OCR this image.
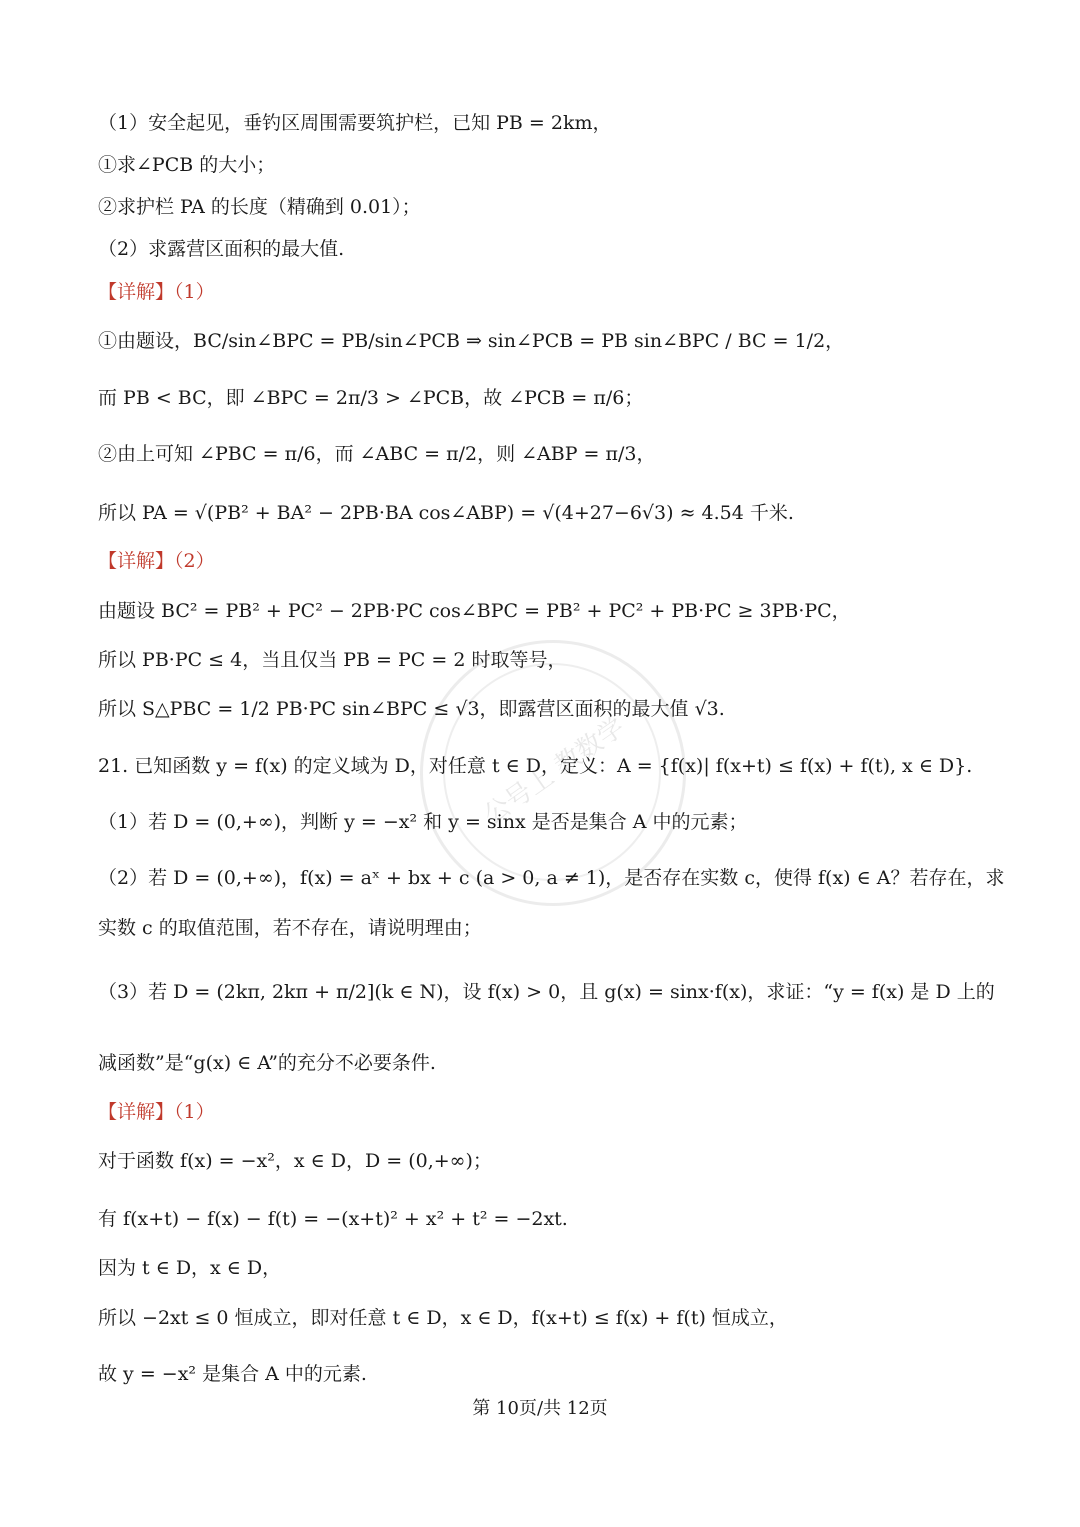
公号上 教数学
（1）安全起见，垂钓区周围需要筑护栏，已知 PB = 2km，
①求∠PCB 的大小；
②求护栏 PA 的长度（精确到 0.01）；
（2）求露营区面积的最大值.
【详解】（1）
①由题设，BC/sin∠BPC = PB/sin∠PCB ⇒ sin∠PCB = PB sin∠BPC / BC = 1/2，
而 PB < BC，即 ∠BPC = 2π/3 > ∠PCB，故 ∠PCB = π/6；
②由上可知 ∠PBC = π/6，而 ∠ABC = π/2，则 ∠ABP = π/3，
所以 PA = √(PB² + BA² − 2PB·BA cos∠ABP) = √(4+27−6√3) ≈ 4.54 千米.
【详解】（2）
由题设 BC² = PB² + PC² − 2PB·PC cos∠BPC = PB² + PC² + PB·PC ≥ 3PB·PC，
所以 PB·PC ≤ 4，当且仅当 PB = PC = 2 时取等号，
所以 S△PBC = 1/2 PB·PC sin∠BPC ≤ √3，即露营区面积的最大值 √3.
21. 已知函数 y = f(x) 的定义域为 D，对任意 t ∈ D，定义：A = {f(x)| f(x+t) ≤ f(x) + f(t), x ∈ D}.
（1）若 D = (0,+∞)，判断 y = −x² 和 y = sinx 是否是集合 A 中的元素；
（2）若 D = (0,+∞)，f(x) = aˣ + bx + c (a > 0, a ≠ 1)，是否存在实数 c，使得 f(x) ∈ A？若存在，求
实数 c 的取值范围，若不存在，请说明理由；
（3）若 D = (2kπ, 2kπ + π/2](k ∈ N)，设 f(x) > 0，且 g(x) = sinx·f(x)，求证：“y = f(x) 是 D 上的
减函数”是“g(x) ∈ A”的充分不必要条件.
【详解】（1）
对于函数 f(x) = −x²，x ∈ D，D = (0,+∞)；
有 f(x+t) − f(x) − f(t) = −(x+t)² + x² + t² = −2xt.
因为 t ∈ D，x ∈ D，
所以 −2xt ≤ 0 恒成立，即对任意 t ∈ D，x ∈ D，f(x+t) ≤ f(x) + f(t) 恒成立，
故 y = −x² 是集合 A 中的元素.
第 10页/共 12页
